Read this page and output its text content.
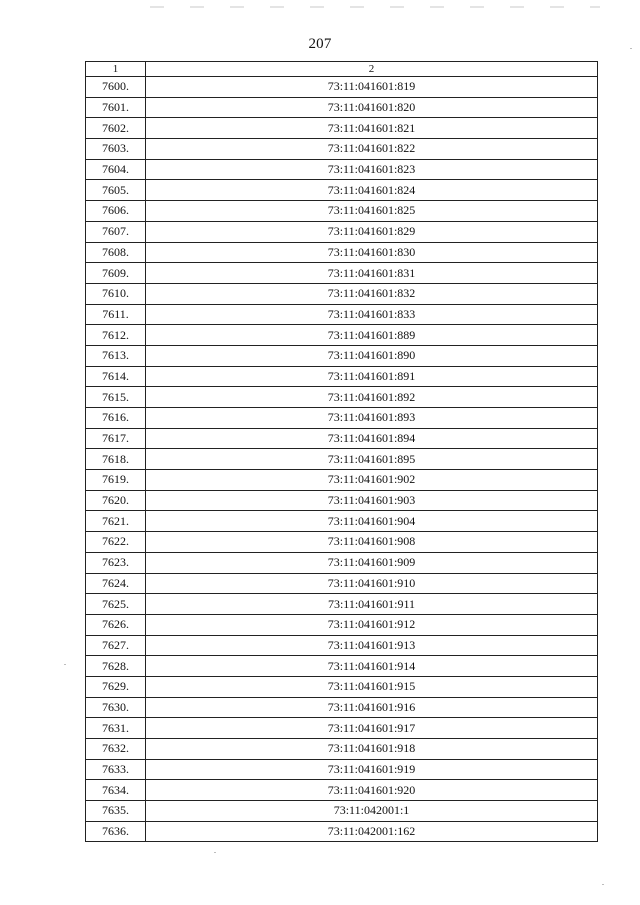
207
1	2
7600.	73:11:041601:819
7601.	73:11:041601:820
7602.	73:11:041601:821
7603.	73:11:041601:822
7604.	73:11:041601:823
7605.	73:11:041601:824
7606.	73:11:041601:825
7607.	73:11:041601:829
7608.	73:11:041601:830
7609.	73:11:041601:831
7610.	73:11:041601:832
7611.	73:11:041601:833
7612.	73:11:041601:889
7613.	73:11:041601:890
7614.	73:11:041601:891
7615.	73:11:041601:892
7616.	73:11:041601:893
7617.	73:11:041601:894
7618.	73:11:041601:895
7619.	73:11:041601:902
7620.	73:11:041601:903
7621.	73:11:041601:904
7622.	73:11:041601:908
7623.	73:11:041601:909
7624.	73:11:041601:910
7625.	73:11:041601:911
7626.	73:11:041601:912
7627.	73:11:041601:913
7628.	73:11:041601:914
7629.	73:11:041601:915
7630.	73:11:041601:916
7631.	73:11:041601:917
7632.	73:11:041601:918
7633.	73:11:041601:919
7634.	73:11:041601:920
7635.	73:11:042001:1
7636.	73:11:042001:162
